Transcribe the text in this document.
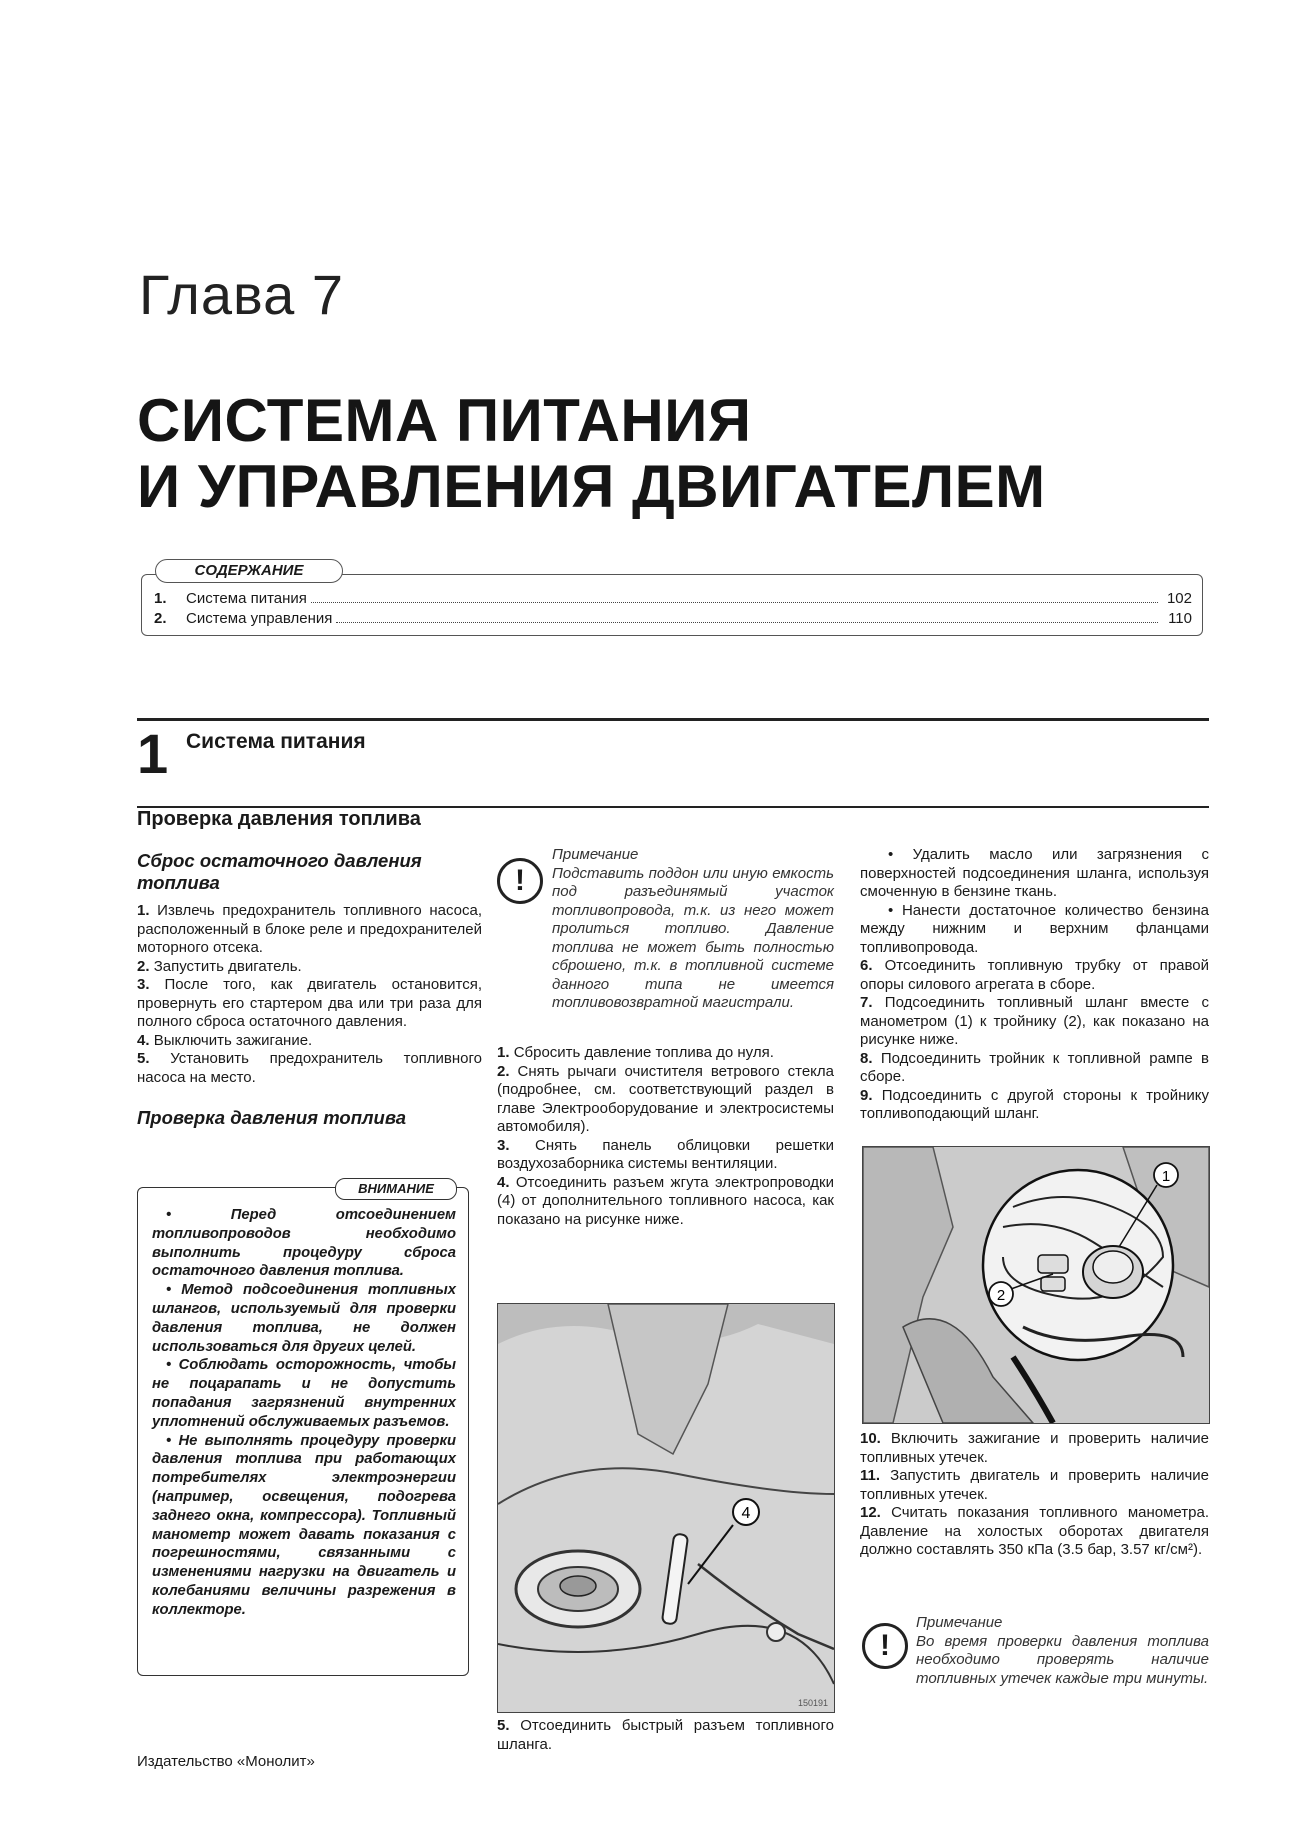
Глава 7
СИСТЕМА ПИТАНИЯ
И УПРАВЛЕНИЯ ДВИГАТЕЛЕМ
1.	Система питания	102
2.	Система управления	110
СОДЕРЖАНИЕ
1 Система питания
Проверка давления топлива
Сброс остаточного давления топлива

1. Извлечь предохранитель топливного насоса, расположенный в блоке реле и предохранителей моторного отсека.

2. Запустить двигатель.

3. После того, как двигатель остановится, провернуть его стартером два или три раза для полного сброса остаточного давления.

4. Выключить зажигание.

5. Установить предохранитель топливного насоса на место.

Проверка давления топлива

• Перед отсоединением топливопроводов необходимо выполнить процедуру сброса остаточного давления топлива.

• Метод подсоединения топливных шлангов, используемый для проверки давления топлива, не должен использоваться для других целей.

• Соблюдать осторожность, чтобы не поцарапать и не допустить попадания загрязнений внутренних уплотнений обслуживаемых разъемов.

• Не выполнять процедуру проверки давления топлива при работающих потребителях электроэнергии (например, освещения, подогрева заднего окна, компрессора). Топливный манометр может давать показания с погрешностями, связанными с изменениями нагрузки на двигатель и колебаниями величины разрежения в коллекторе.

ВНИМАНИЕ
!

Примечание

Подставить поддон или иную емкость под разъединямый участок топливопровода, т.к. из него может пролиться топливо. Давление топлива не может быть полностью сброшено, т.к. в топливной системе данного типа не имеется топливовозвратной магистрали.

1. Сбросить давление топлива до нуля.

2. Снять рычаги очистителя ветрового стекла (подробнее, см. соответствующий раздел в главе Электрооборудование и электросистемы автомобиля).

3. Снять панель облицовки решетки воздухозаборника системы вентиляции.

4. Отсоединить разъем жгута электропроводки (4) от дополнительного топливного насоса, как показано на рисунке ниже.

4
150191

5. Отсоединить быстрый разъем топливного шланга.

• Удалить масло или загрязнения с поверхностей подсоединения шланга, используя смоченную в бензине ткань.

• Нанести достаточное количество бензина между нижним и верхним фланцами топливопровода.

6. Отсоединить топливную трубку от правой опоры силового агрегата в сборе.

7. Подсоединить топливный шланг вместе с манометром (1) к тройнику (2), как показано на рисунке ниже.

8. Подсоединить тройник к топливной рампе в сборе.

9. Подсоединить с другой стороны к тройнику топливоподающий шланг.

1
2

10. Включить зажигание и проверить наличие топливных утечек.

11. Запустить двигатель и проверить наличие топливных утечек.

12. Считать показания топливного манометра. Давление на холостых оборотах двигателя должно составлять 350 кПа (3.5 бар, 3.57 кг/см²).

!

Примечание

Во время проверки давления топлива необходимо проверять наличие топливных утечек каждые три минуты.

Издательство «Монолит»
